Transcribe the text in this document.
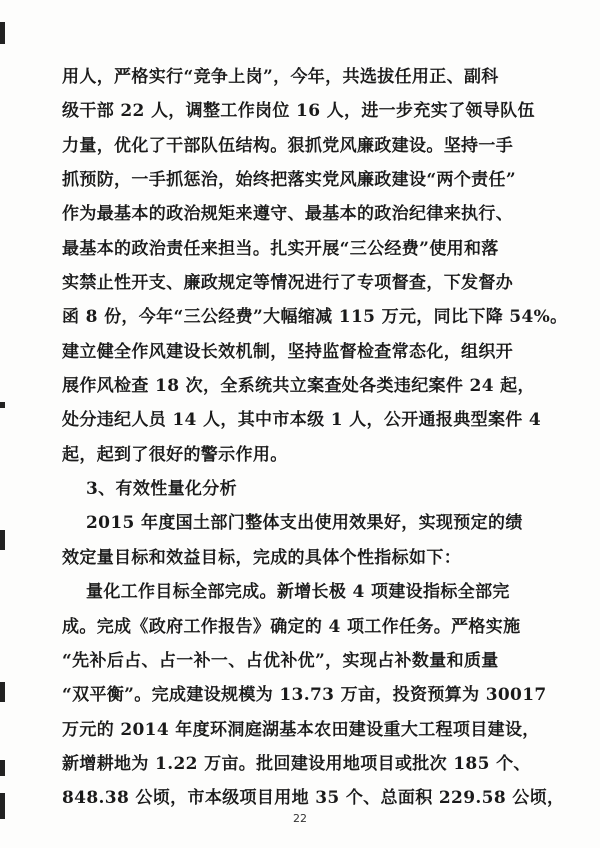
用人，严格实行“竞争上岗”，今年，共选拔任用正、副科
级干部 22 人，调整工作岗位 16 人，进一步充实了领导队伍
力量，优化了干部队伍结构。狠抓党风廉政建设。坚持一手
抓预防，一手抓惩治，始终把落实党风廉政建设“两个责任”
作为最基本的政治规矩来遵守、最基本的政治纪律来执行、
最基本的政治责任来担当。扎实开展“三公经费”使用和落
实禁止性开支、廉政规定等情况进行了专项督查，下发督办
函 8 份，今年“三公经费”大幅缩减 115 万元，同比下降 54%。
建立健全作风建设长效机制，坚持监督检查常态化，组织开
展作风检查 18 次，全系统共立案查处各类违纪案件 24 起，
处分违纪人员 14 人，其中市本级 1 人，公开通报典型案件 4
起，起到了很好的警示作用。
3、有效性量化分析
2015 年度国土部门整体支出使用效果好，实现预定的绩
效定量目标和效益目标，完成的具体个性指标如下：
量化工作目标全部完成。新增长极 4 项建设指标全部完
成。完成《政府工作报告》确定的 4 项工作任务。严格实施
“先补后占、占一补一、占优补优”，实现占补数量和质量
“双平衡”。完成建设规模为 13.73 万亩，投资预算为 30017
万元的 2014 年度环洞庭湖基本农田建设重大工程项目建设，
新增耕地为 1.22 万亩。批回建设用地项目或批次 185 个、
848.38 公顷，市本级项目用地 35 个、总面积 229.58 公顷，
22
